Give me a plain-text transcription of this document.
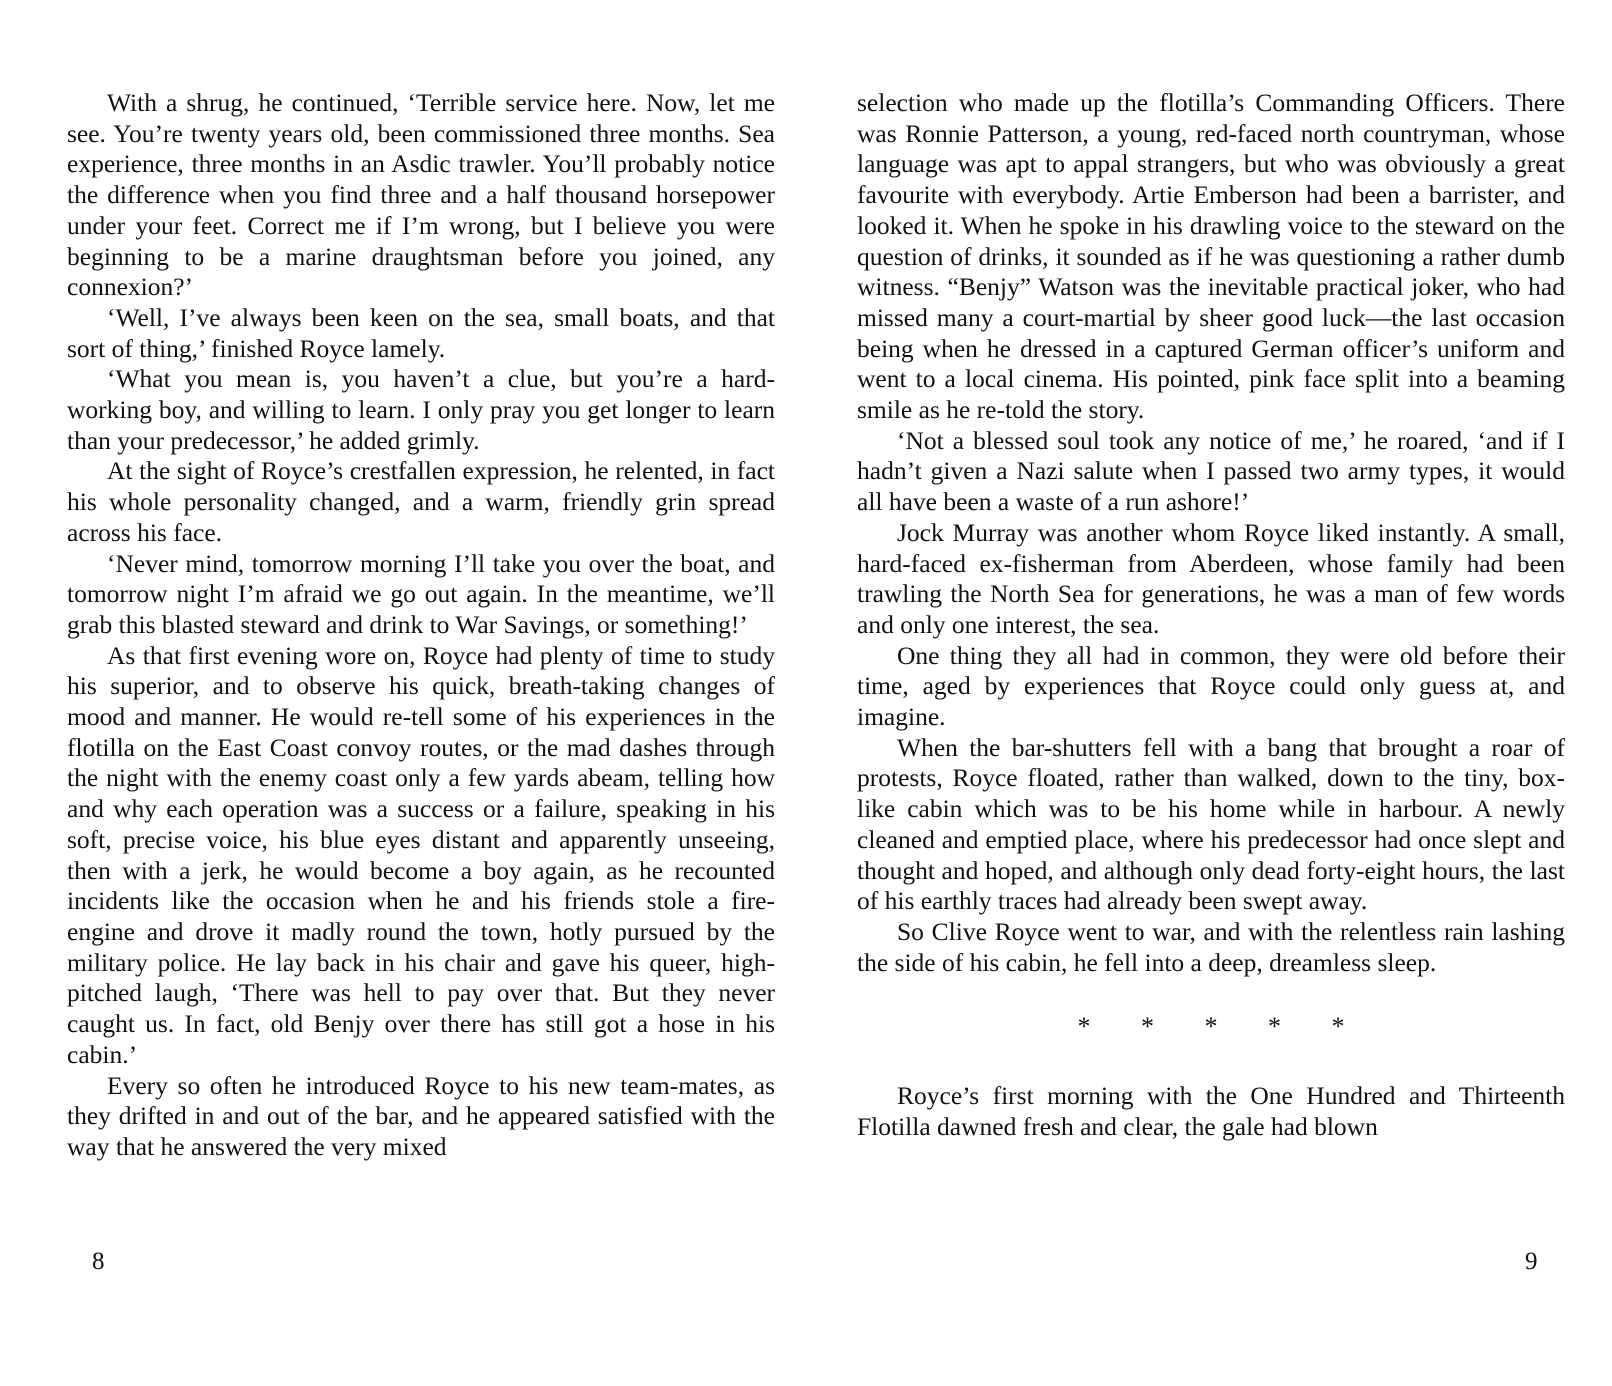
With a shrug, he continued, ‘Terrible service here. Now, let me see. You’re twenty years old, been commissioned three months. Sea experience, three months in an Asdic trawler. You’ll probably notice the difference when you find three and a half thousand horsepower under your feet. Correct me if I’m wrong, but I believe you were beginning to be a marine draughtsman before you joined, any connexion?’

‘Well, I’ve always been keen on the sea, small boats, and that sort of thing,’ finished Royce lamely.

‘What you mean is, you haven’t a clue, but you’re a hard-working boy, and willing to learn. I only pray you get longer to learn than your predecessor,’ he added grimly.

At the sight of Royce’s crestfallen expression, he relented, in fact his whole personality changed, and a warm, friendly grin spread across his face.

‘Never mind, tomorrow morning I’ll take you over the boat, and tomorrow night I’m afraid we go out again. In the meantime, we’ll grab this blasted steward and drink to War Savings, or something!’

As that first evening wore on, Royce had plenty of time to study his superior, and to observe his quick, breath-taking changes of mood and manner. He would re-tell some of his experiences in the flotilla on the East Coast convoy routes, or the mad dashes through the night with the enemy coast only a few yards abeam, telling how and why each operation was a success or a failure, speaking in his soft, precise voice, his blue eyes distant and apparently unseeing, then with a jerk, he would become a boy again, as he recounted incidents like the occasion when he and his friends stole a fire-engine and drove it madly round the town, hotly pursued by the military police. He lay back in his chair and gave his queer, high-pitched laugh, ‘There was hell to pay over that. But they never caught us. In fact, old Benjy over there has still got a hose in his cabin.’

Every so often he introduced Royce to his new team-mates, as they drifted in and out of the bar, and he appeared satisfied with the way that he answered the very mixed

8

selection who made up the flotilla’s Commanding Officers. There was Ronnie Patterson, a young, red-faced north countryman, whose language was apt to appal strangers, but who was obviously a great favourite with everybody. Artie Emberson had been a barrister, and looked it. When he spoke in his drawling voice to the steward on the question of drinks, it sounded as if he was questioning a rather dumb witness. “Benjy” Watson was the inevitable practical joker, who had missed many a court-martial by sheer good luck—the last occasion being when he dressed in a captured German officer’s uniform and went to a local cinema. His pointed, pink face split into a beaming smile as he re-told the story.

‘Not a blessed soul took any notice of me,’ he roared, ‘and if I hadn’t given a Nazi salute when I passed two army types, it would all have been a waste of a run ashore!’

Jock Murray was another whom Royce liked instantly. A small, hard-faced ex-fisherman from Aberdeen, whose family had been trawling the North Sea for generations, he was a man of few words and only one interest, the sea.

One thing they all had in common, they were old before their time, aged by experiences that Royce could only guess at, and imagine.

When the bar-shutters fell with a bang that brought a roar of protests, Royce floated, rather than walked, down to the tiny, box-like cabin which was to be his home while in harbour. A newly cleaned and emptied place, where his predecessor had once slept and thought and hoped, and although only dead forty-eight hours, the last of his earthly traces had already been swept away.

So Clive Royce went to war, and with the relentless rain lashing the side of his cabin, he fell into a deep, dreamless sleep.

* * * * *

Royce’s first morning with the One Hundred and Thirteenth Flotilla dawned fresh and clear, the gale had blown

9
